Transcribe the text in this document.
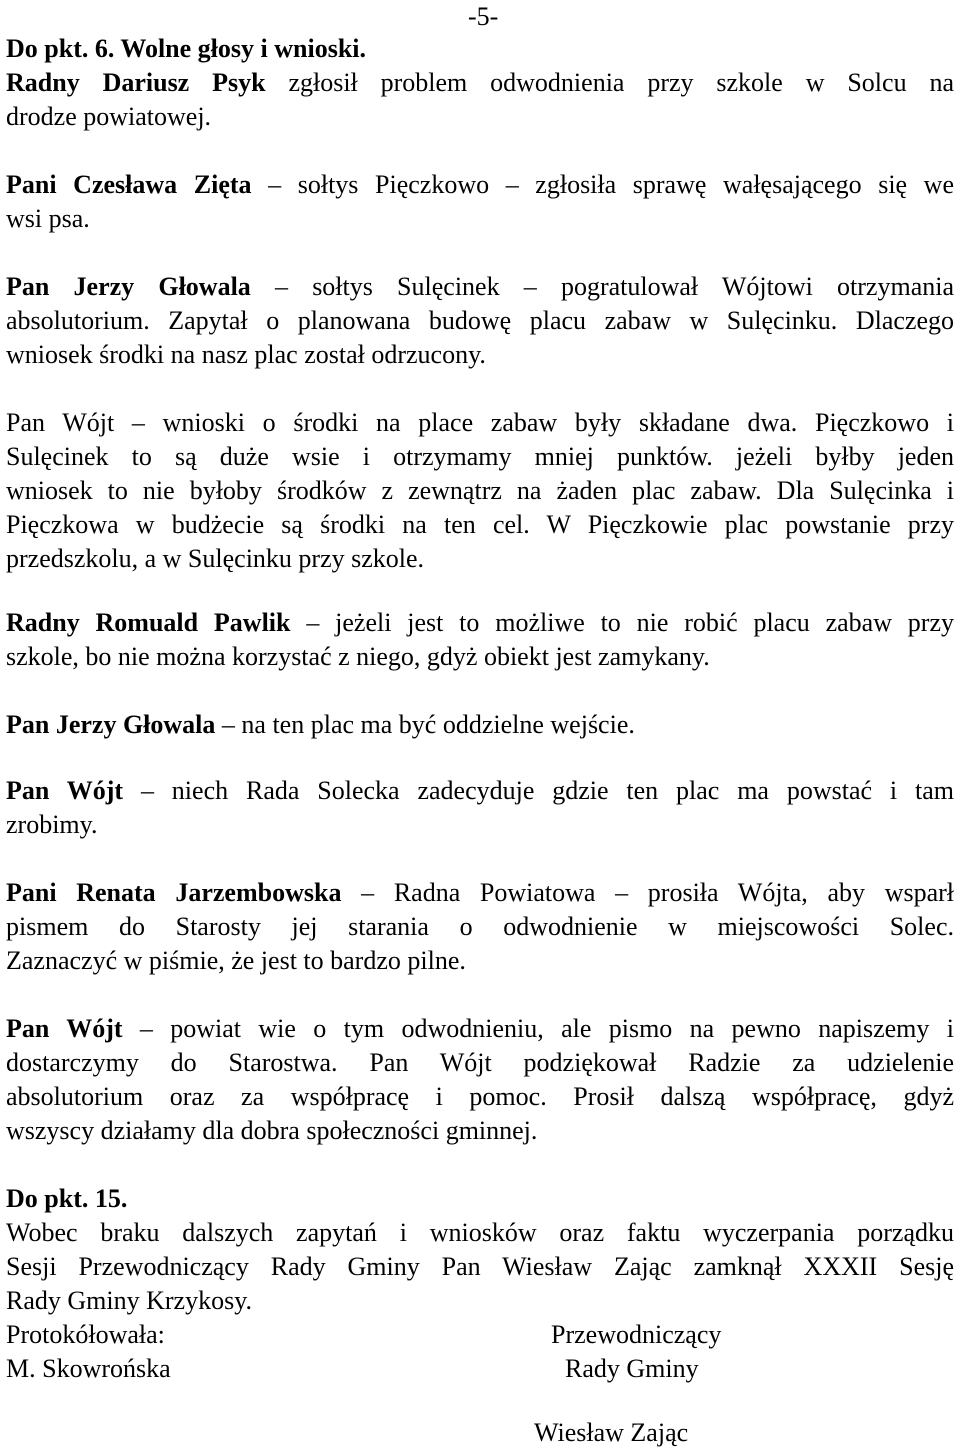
-5-
Do pkt. 6. Wolne głosy i wnioski.
Radny Dariusz Psyk zgłosił problem odwodnienia przy szkole w Solcu na
drodze powiatowej.
Pani Czesława Zięta – sołtys Pięczkowo – zgłosiła sprawę wałęsającego się we
wsi psa.
Pan Jerzy Głowala – sołtys Sulęcinek – pogratulował Wójtowi otrzymania
absolutorium. Zapytał o planowana budowę placu zabaw w Sulęcinku. Dlaczego
wniosek środki na nasz plac został odrzucony.
Pan Wójt – wnioski o środki na place zabaw były składane dwa. Pięczkowo i
Sulęcinek to są duże wsie i otrzymamy mniej punktów. jeżeli byłby jeden
wniosek to nie byłoby środków z zewnątrz na żaden plac zabaw. Dla Sulęcinka i
Pięczkowa w budżecie są środki na ten cel. W Pięczkowie plac powstanie przy
przedszkolu, a w Sulęcinku przy szkole.
Radny Romuald Pawlik – jeżeli jest to możliwe to nie robić placu zabaw przy
szkole, bo nie można korzystać z niego, gdyż obiekt jest zamykany.
Pan Jerzy Głowala – na ten plac ma być oddzielne wejście.
Pan Wójt – niech Rada Solecka zadecyduje gdzie ten plac ma powstać i tam
zrobimy.
Pani Renata Jarzembowska – Radna Powiatowa – prosiła Wójta, aby wsparł
pismem do Starosty jej starania o odwodnienie w miejscowości Solec.
Zaznaczyć w piśmie, że jest to bardzo pilne.
Pan Wójt – powiat wie o tym odwodnieniu, ale pismo na pewno napiszemy i
dostarczymy do Starostwa. Pan Wójt podziękował Radzie za udzielenie
absolutorium oraz za współpracę i pomoc. Prosił dalszą współpracę, gdyż
wszyscy działamy dla dobra społeczności gminnej.
Do pkt. 15.
Wobec braku dalszych zapytań i wniosków oraz faktu wyczerpania porządku
Sesji Przewodniczący Rady Gminy Pan Wiesław Zając zamknął XXXII Sesję
Rady Gminy Krzykosy.
Protokółowała:
M. Skowrońska
Przewodniczący
Rady Gminy
Wiesław Zając
